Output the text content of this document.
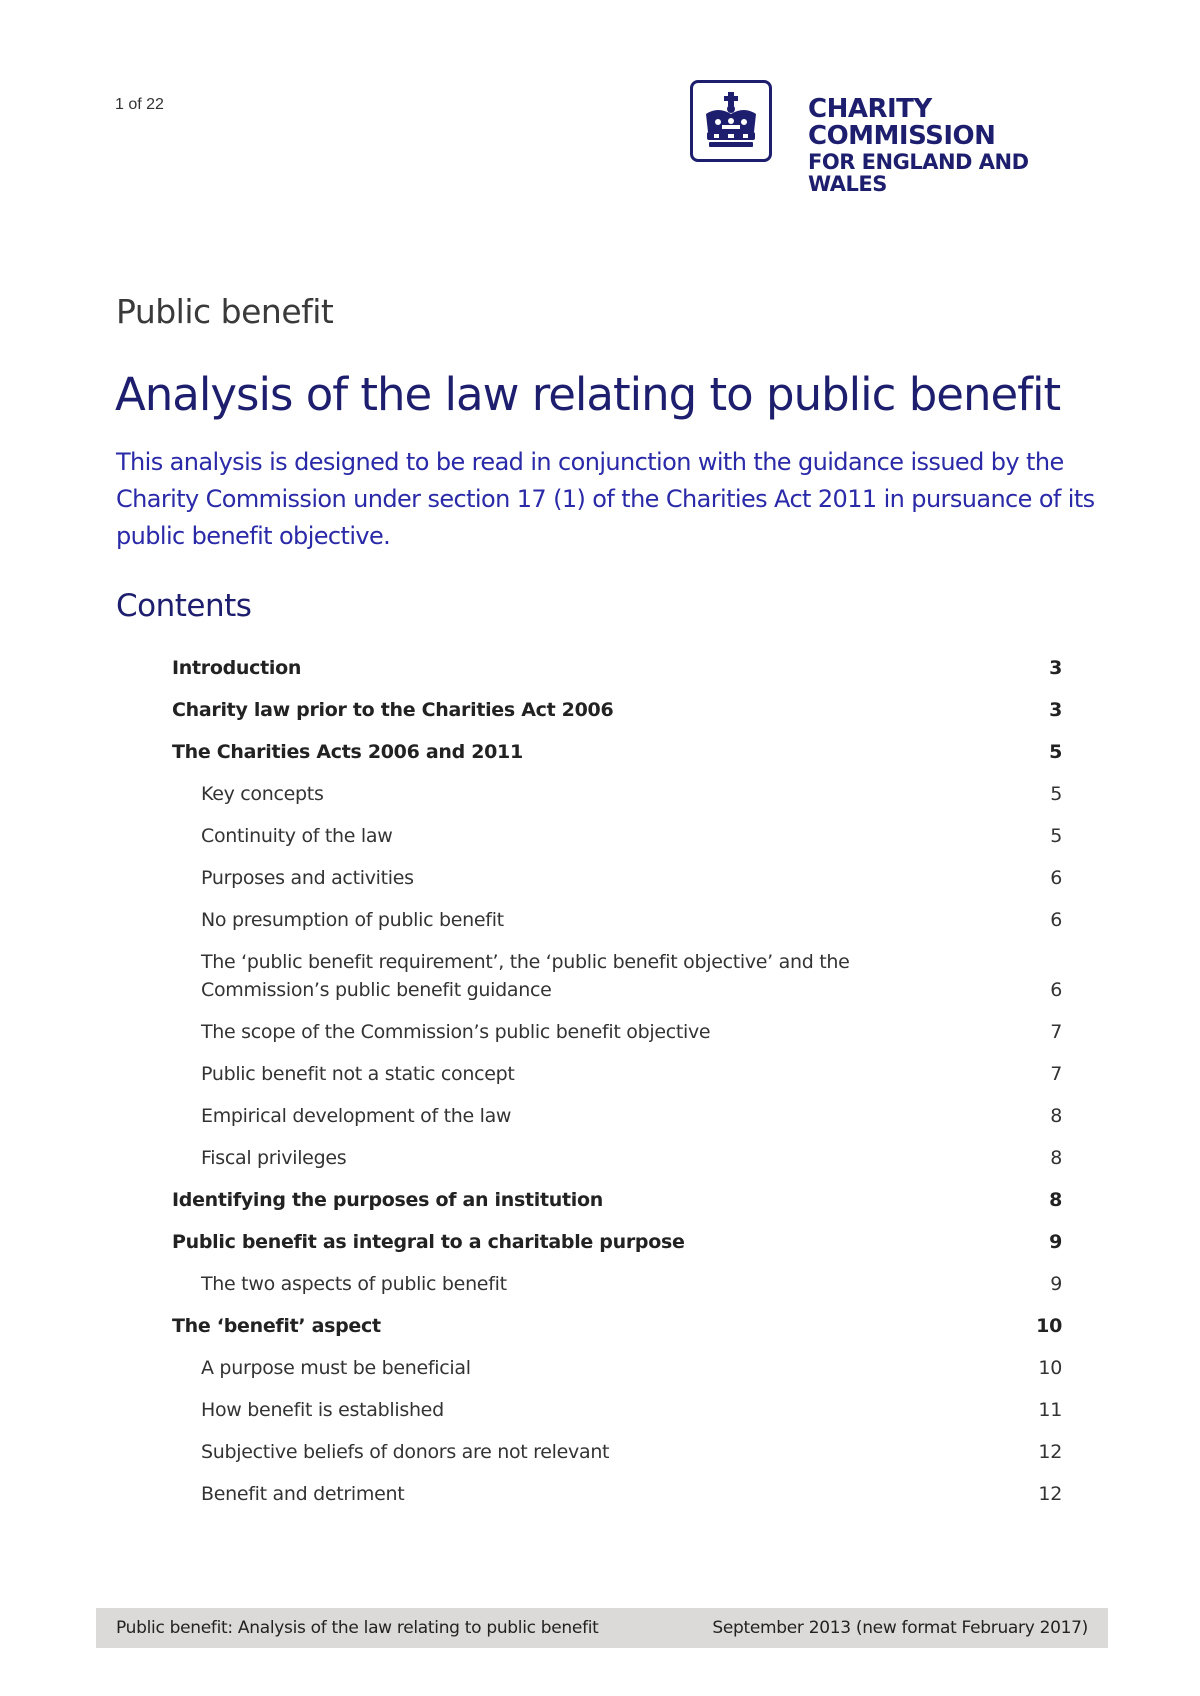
1 of 22	CHARITY COMMISSION
FOR ENGLAND AND WALES
Public benefit
Analysis of the law relating to public benefit

This analysis is designed to be read in conjunction with the guidance issued by the Charity Commission under section 17 (1) of the Charities Act 2011 in pursuance of its public benefit objective.

Contents
Introduction	3
Charity law prior to the Charities Act 2006	3
The Charities Acts 2006 and 2011	5
Key concepts	5
Continuity of the law	5
Purposes and activities	6
No presumption of public benefit	6
The ‘public benefit requirement’, the ‘public benefit objective’ and the Commission’s public benefit guidance	6
The scope of the Commission’s public benefit objective	7
Public benefit not a static concept	7
Empirical development of the law	8
Fiscal privileges	8
Identifying the purposes of an institution	8
Public benefit as integral to a charitable purpose	9
The two aspects of public benefit	9
The ‘benefit’ aspect	10
A purpose must be beneficial	10
How benefit is established	11
Subjective beliefs of donors are not relevant	12
Benefit and detriment	12
Public benefit: Analysis of the law relating to public benefit	September 2013 (new format February 2017)
